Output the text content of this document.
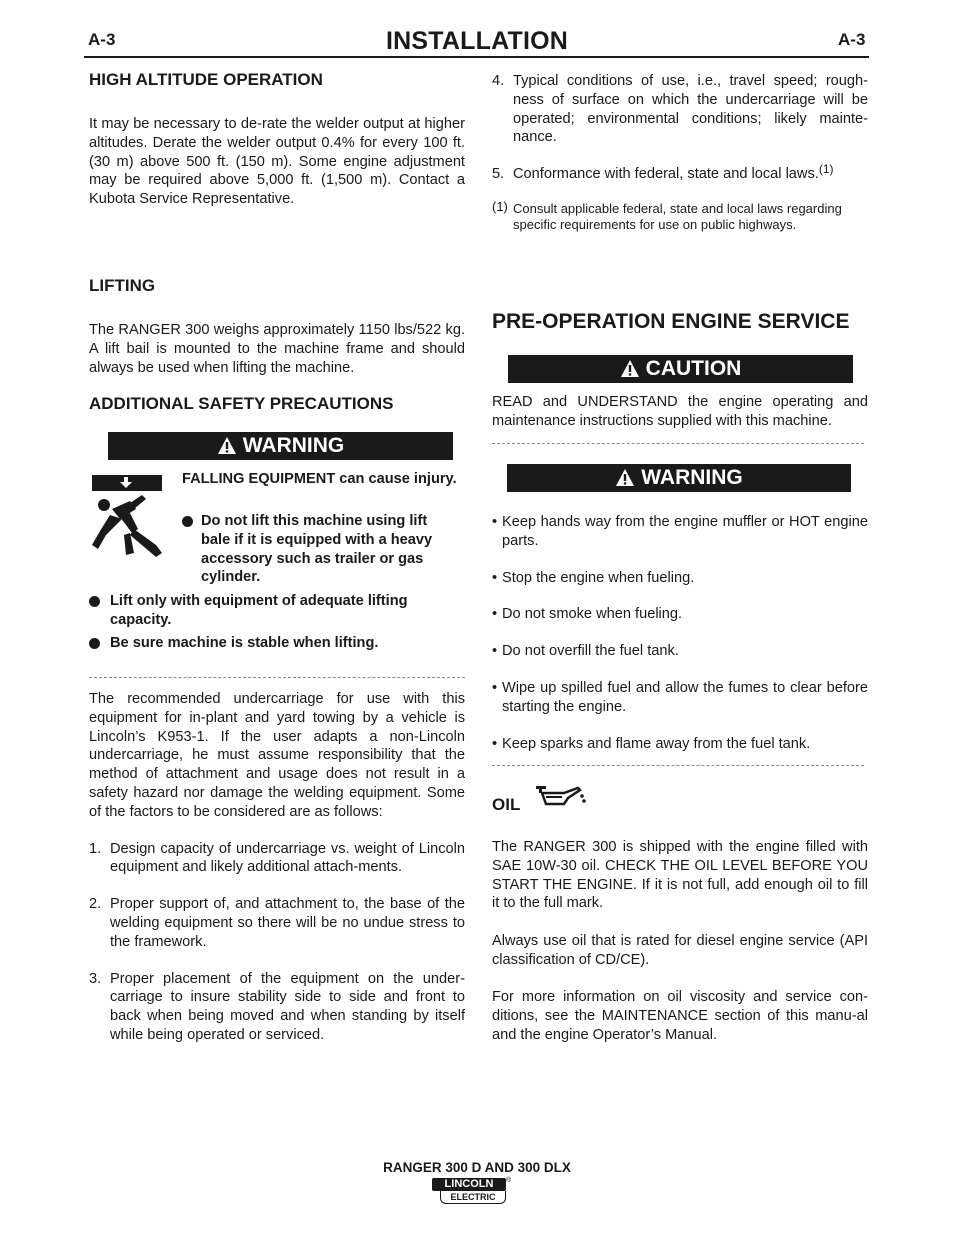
A-3	INSTALLATION	A-3
HIGH ALTITUDE OPERATION

It may be necessary to de-rate the welder output at higher altitudes. Derate the welder output 0.4% for every 100 ft. (30 m) above 500 ft. (150 m). Some engine adjustment may be required above 5,000 ft. (1,500 m). Contact a Kubota Service Representative.

LIFTING

The RANGER 300 weighs approximately 1150 lbs/522 kg. A lift bail is mounted to the machine frame and should always be used when lifting the machine.

ADDITIONAL SAFETY PRECAUTIONS
WARNING
FALLING EQUIPMENT can cause injury.
Do not lift this machine using lift bale if it is equipped with a heavy accessory such as trailer or gas cylinder.
Lift only with equipment of adequate lifting capacity.
Be sure machine is stable when lifting.

The recommended undercarriage for use with this equipment for in-plant and yard towing by a vehicle is Lincoln’s K953-1. If the user adapts a non-Lincoln undercarriage, he must assume responsibility that the method of attachment and usage does not result in a safety hazard nor damage the welding equipment. Some of the factors to be considered are as follows:

1. Design capacity of undercarriage vs. weight of Lincoln equipment and likely additional attach-ments.
2. Proper support of, and attachment to, the base of the welding equipment so there will be no undue stress to the framework.
3. Proper placement of the equipment on the under-carriage to insure stability side to side and front to back when being moved and when standing by itself while being operated or serviced.
4. Typical conditions of use, i.e., travel speed; rough-ness of surface on which the undercarriage will be operated; environmental conditions; likely mainte-nance.
5. Conformance with federal, state and local laws.$^{(1)}$
(1) Consult applicable federal, state and local laws regarding specific requirements for use on public highways.
PRE-OPERATION ENGINE SERVICE
CAUTION

READ and UNDERSTAND the engine operating and maintenance instructions supplied with this machine.

WARNING
• Keep hands way from the engine muffler or HOT engine parts.
• Stop the engine when fueling.
• Do not smoke when fueling.
• Do not overfill the fuel tank.
• Wipe up spilled fuel and allow the fumes to clear before starting the engine.
• Keep sparks and flame away from the fuel tank.
OIL

The RANGER 300 is shipped with the engine filled with SAE 10W-30 oil. CHECK THE OIL LEVEL BEFORE YOU START THE ENGINE. If it is not full, add enough oil to fill it to the full mark.

Always use oil that is rated for diesel engine service (API classification of CD/CE).

For more information on oil viscosity and service con-ditions, see the MAINTENANCE section of this manu-al and the engine Operator’s Manual.

RANGER 300 D AND 300 DLX
LINCOLN	®
ELECTRIC
